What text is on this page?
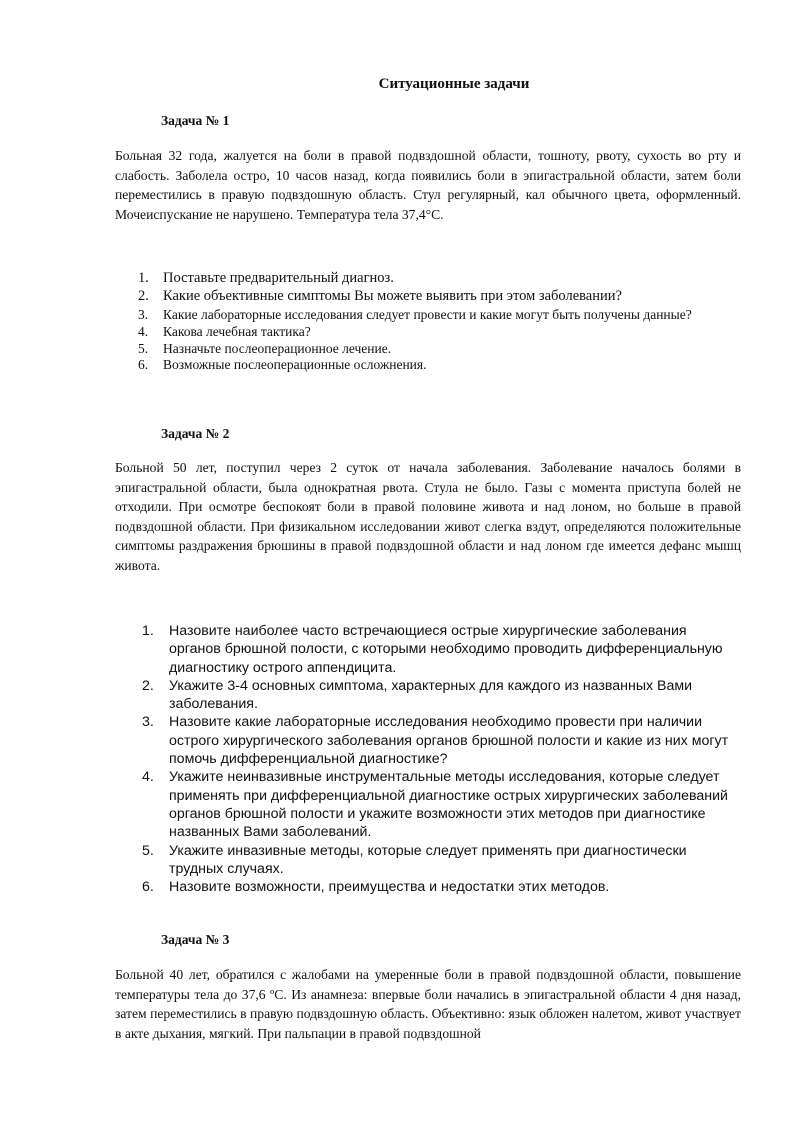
Ситуационные задачи
Задача № 1

Больная 32 года, жалуется на боли в правой подвздошной области, тошноту, рвоту, сухость во рту и слабость. Заболела остро, 10 часов назад, когда появились боли в эпигастральной области, затем боли переместились в правую подвздошную область. Стул регулярный, кал обычного цвета, оформленный. Мочеиспускание не нарушено. Температура тела 37,4°С.

1. Поставьте предварительный диагноз.
2. Какие объективные симптомы Вы можете выявить при этом заболевании?
3. Какие лабораторные исследования следует провести и какие могут быть получены данные?
4. Какова лечебная тактика?
5. Назначьте послеоперационное лечение.
6. Возможные послеоперационные осложнения.
Задача № 2

Больной 50 лет, поступил через 2 суток от начала заболевания. Заболевание началось болями в эпигастральной области, была однократная рвота. Стула не было. Газы с момента приступа болей не отходили. При осмотре беспокоят боли в правой половине живота и над лоном, но больше в правой подвздошной области. При физикальном исследовании живот слегка вздут, определяются положительные симптомы раздражения брюшины в правой подвздошной области и над лоном где имеется дефанс мышц живота.

1. Назовите наиболее часто встречающиеся острые хирургические заболевания органов брюшной полости, с которыми необходимо проводить дифференциальную диагностику острого аппендицита.
2. Укажите 3-4 основных симптома, характерных для каждого из названных Вами заболевания.
3. Назовите какие лабораторные исследования необходимо провести при наличии острого хирургического заболевания органов брюшной полости и какие из них могут помочь дифференциальной диагностике?
4. Укажите неинвазивные инструментальные методы исследования, которые следует применять при дифференциальной диагностике острых хирургических заболеваний органов брюшной полости и укажите возможности этих методов при диагностике названных Вами заболеваний.
5. Укажите инвазивные методы, которые следует применять при диагностически трудных случаях.
6. Назовите возможности, преимущества и недостатки этих методов.
Задача № 3

Больной 40 лет, обратился с жалобами на умеренные боли в правой подвздошной области, повышение температуры тела до 37,6 ºС. Из анамнеза: впервые боли начались в эпигастральной области 4 дня назад, затем переместились в правую подвздошную область. Объективно: язык обложен налетом, живот участвует в акте дыхания, мягкий. При пальпации в правой подвздошной
